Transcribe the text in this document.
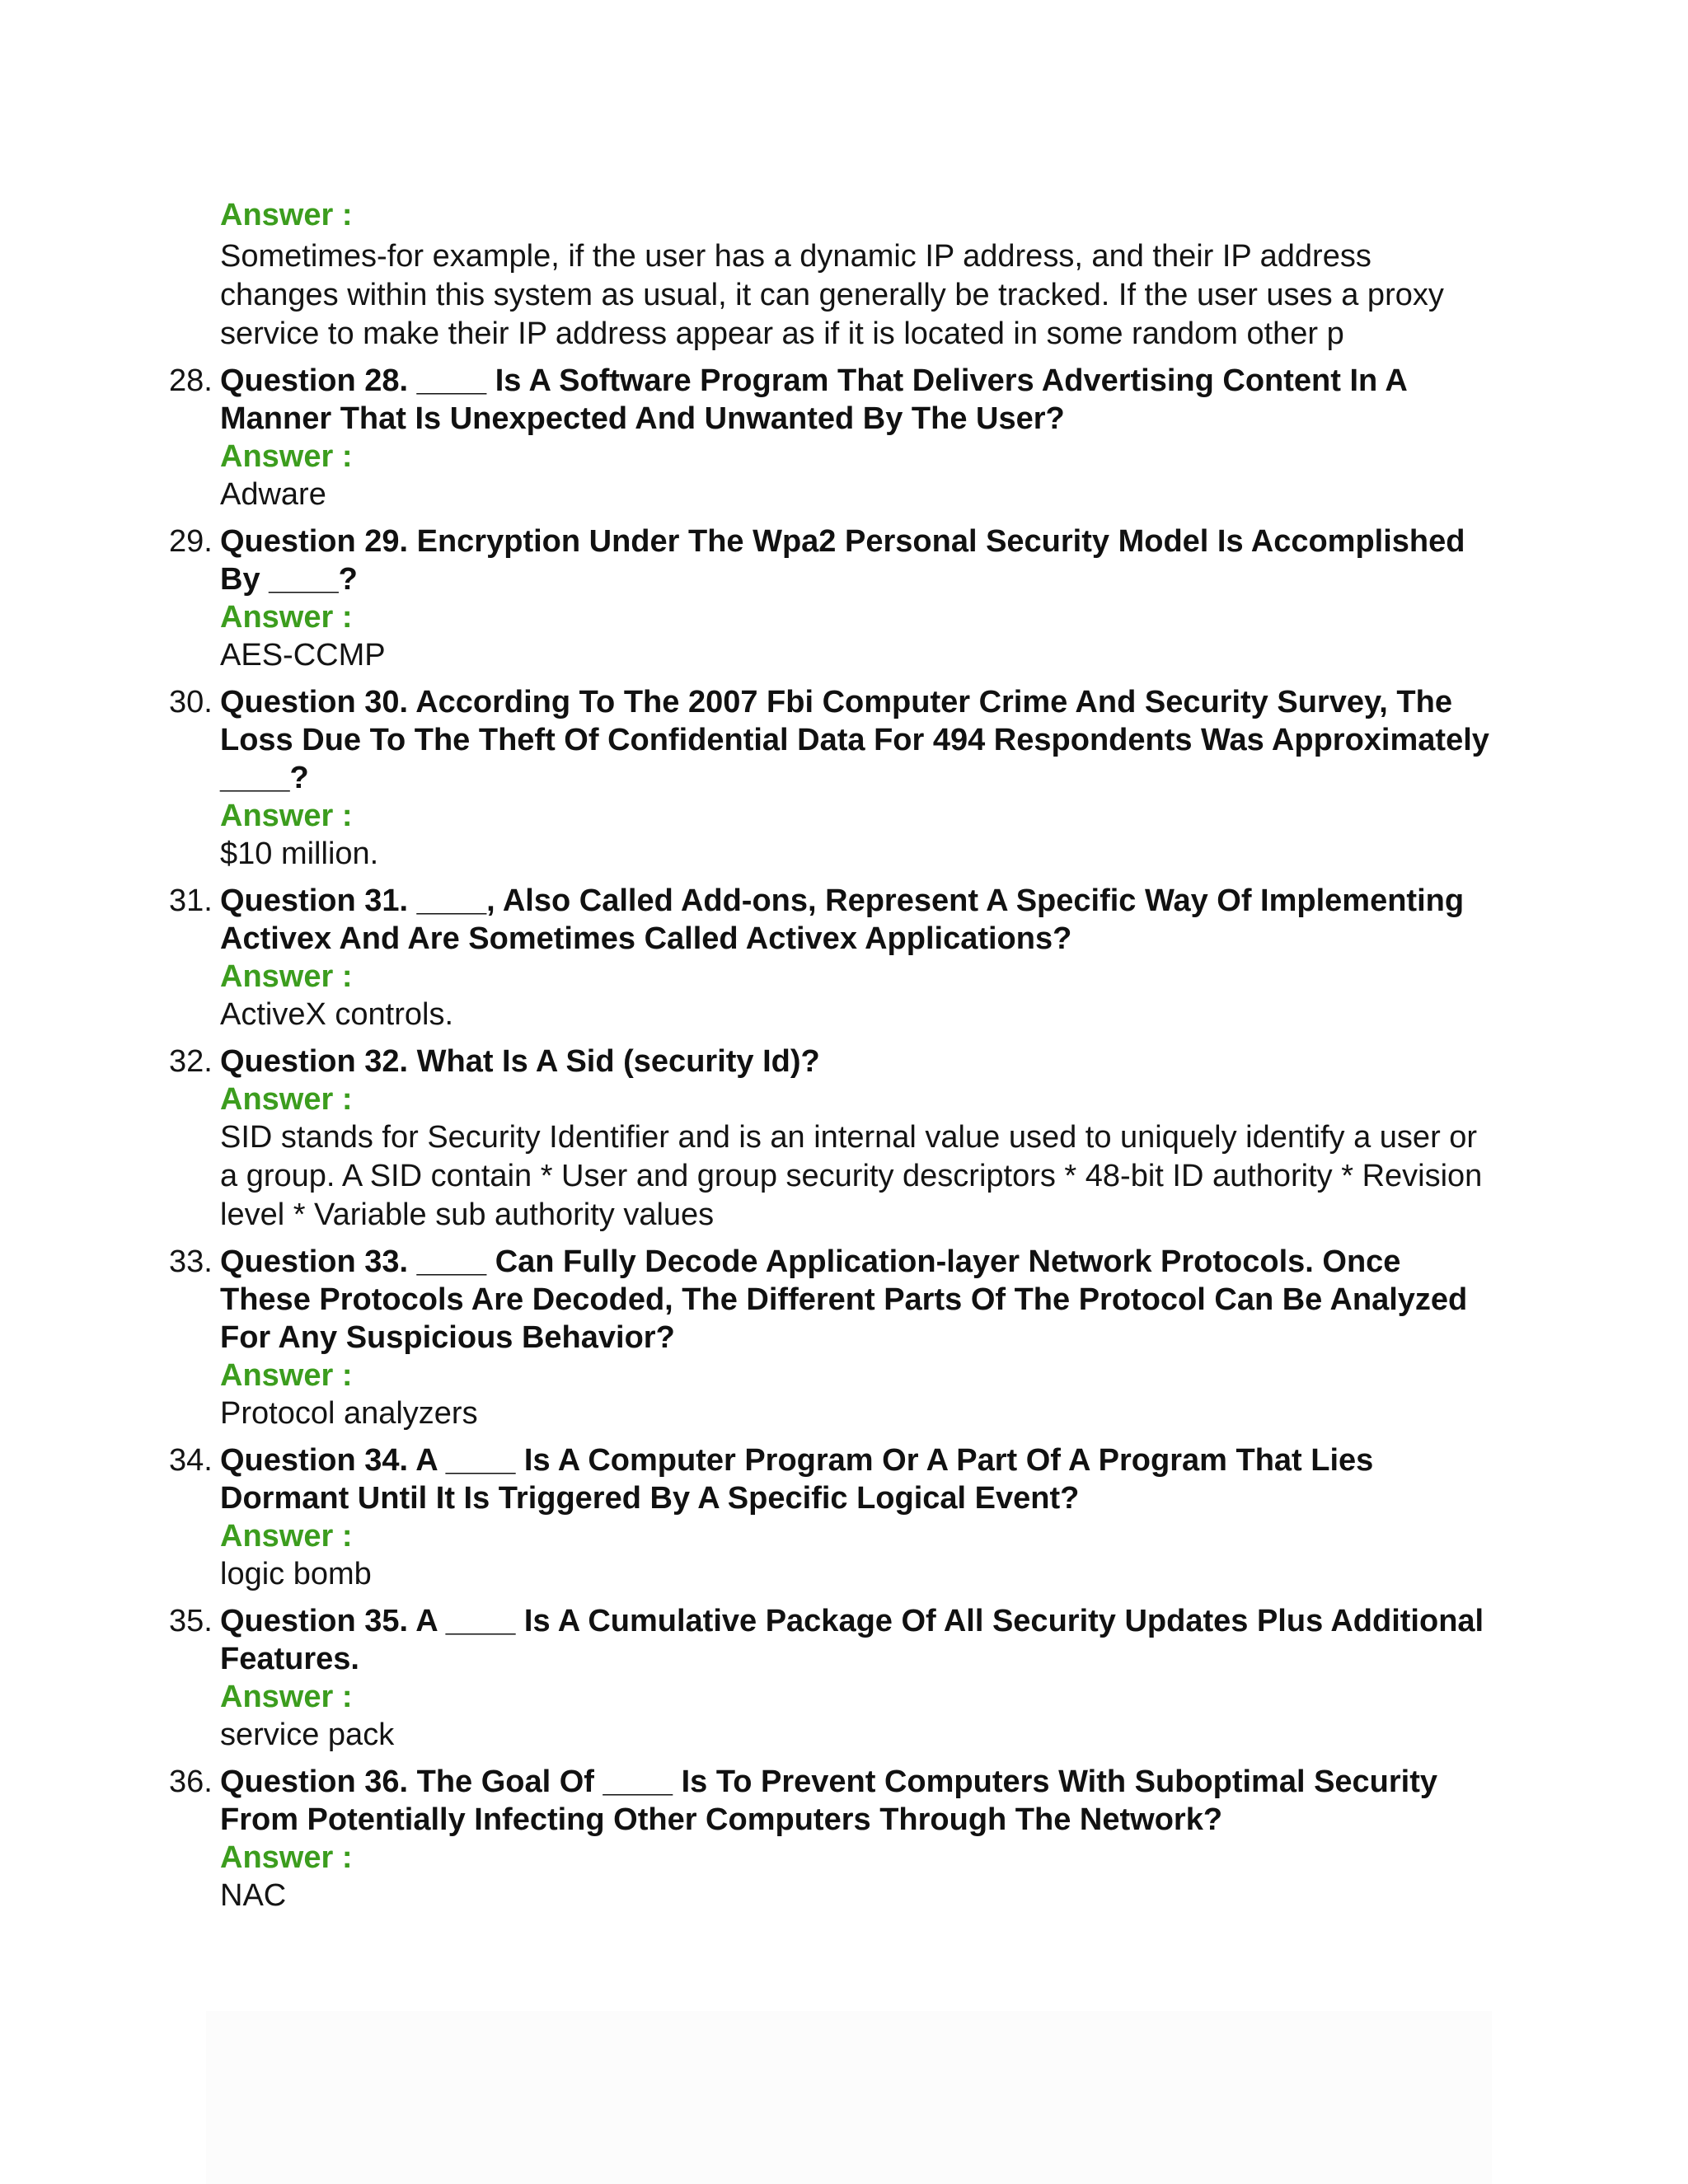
Answer :
Sometimes-for example, if the user has a dynamic IP address, and their IP address changes within this system as usual, it can generally be tracked. If the user uses a proxy service to make their IP address appear as if it is located in some random other p
28. Question 28. ____ Is A Software Program That Delivers Advertising Content In A Manner That Is Unexpected And Unwanted By The User?
Answer :
Adware
29. Question 29. Encryption Under The Wpa2 Personal Security Model Is Accomplished By ____?
Answer :
AES-CCMP
30. Question 30. According To The 2007 Fbi Computer Crime And Security Survey, The Loss Due To The Theft Of Confidential Data For 494 Respondents Was Approximately ____?
Answer :
$10 million.
31. Question 31. ____, Also Called Add-ons, Represent A Specific Way Of Implementing Activex And Are Sometimes Called Activex Applications?
Answer :
ActiveX controls.
32. Question 32. What Is A Sid (security Id)?
Answer :
SID stands for Security Identifier and is an internal value used to uniquely identify a user or a group. A SID contain * User and group security descriptors * 48-bit ID authority * Revision level * Variable sub authority values
33. Question 33. ____ Can Fully Decode Application-layer Network Protocols. Once These Protocols Are Decoded, The Different Parts Of The Protocol Can Be Analyzed For Any Suspicious Behavior?
Answer :
Protocol analyzers
34. Question 34. A ____ Is A Computer Program Or A Part Of A Program That Lies Dormant Until It Is Triggered By A Specific Logical Event?
Answer :
logic bomb
35. Question 35. A ____ Is A Cumulative Package Of All Security Updates Plus Additional Features.
Answer :
service pack
36. Question 36. The Goal Of ____ Is To Prevent Computers With Suboptimal Security From Potentially Infecting Other Computers Through The Network?
Answer :
NAC
